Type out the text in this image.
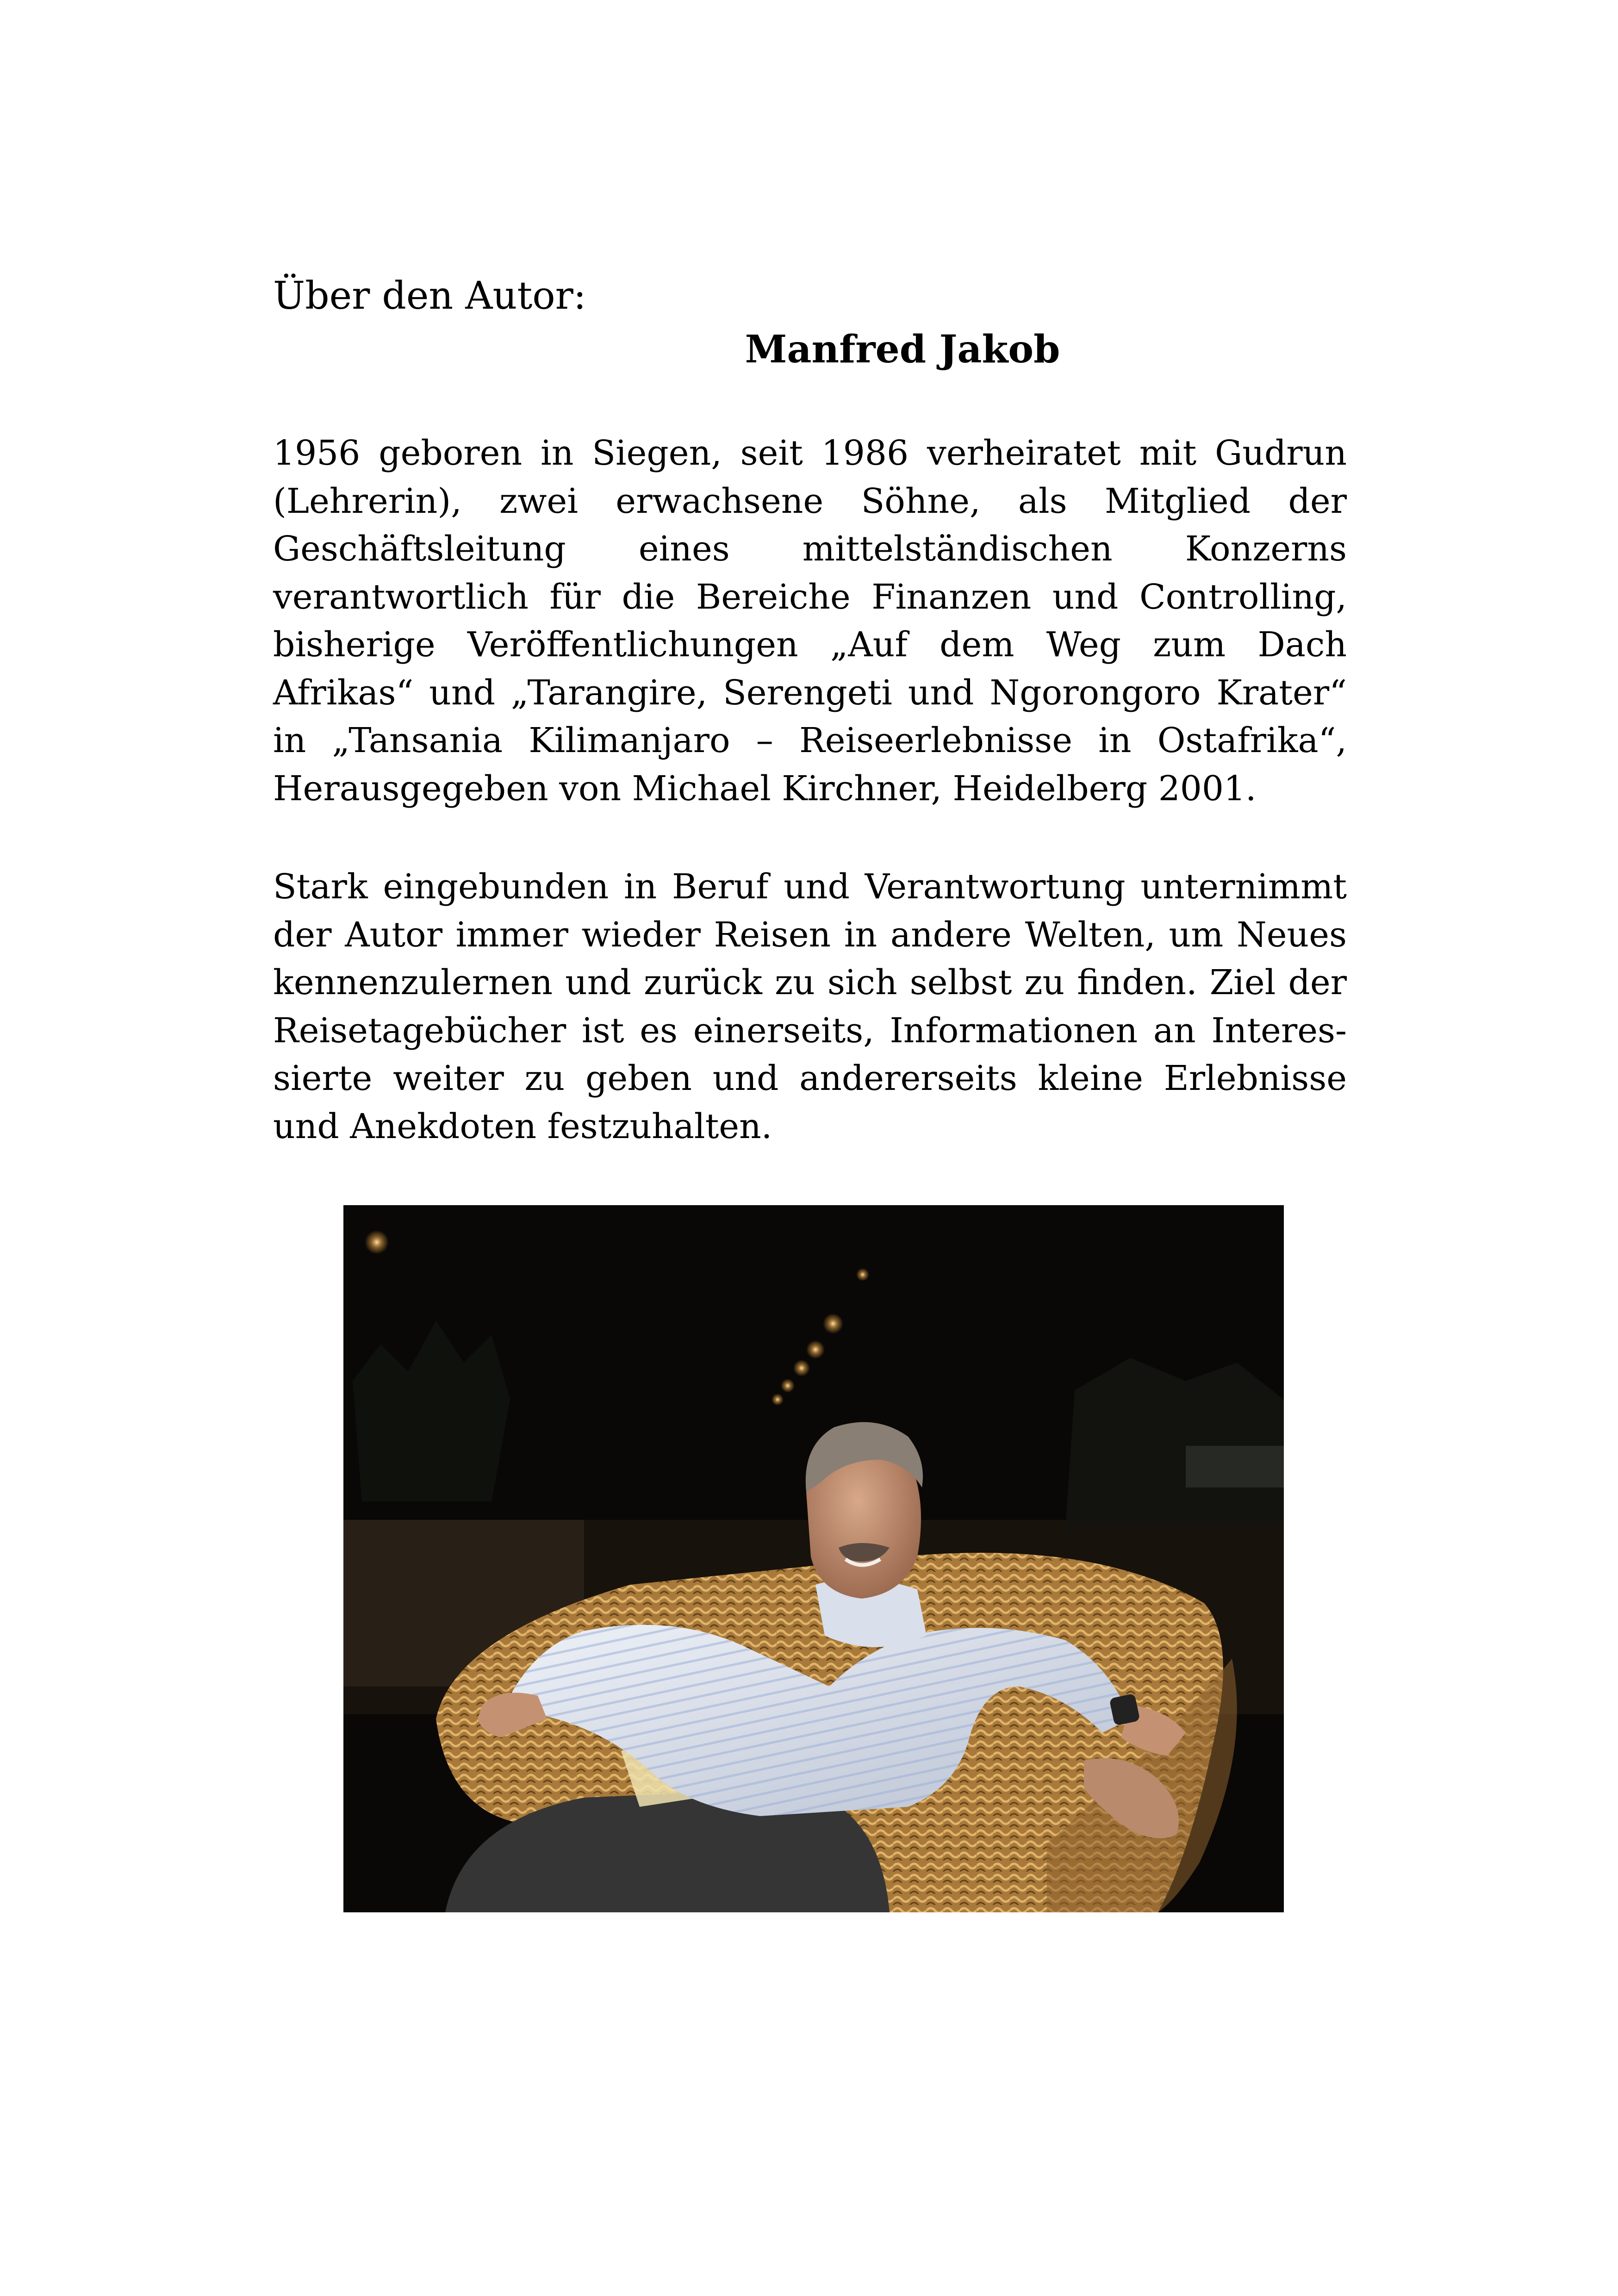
Über den Autor:
Manfred Jakob
1956 geboren in Siegen, seit 1986 verheiratet mit Gudrun (Lehrerin), zwei erwachsene Söhne, als Mitglied der Geschäftsleitung eines mittelständischen Konzerns verantwortlich für die Bereiche Finanzen und Controlling, bisherige Veröffentlichungen „Auf dem Weg zum Dach Afrikas“ und „Tarangire, Serengeti und Ngorongoro Krater“ in „Tansania Kilimanjaro – Reiseerlebnisse in Ostafrika“, Herausgegeben von Michael Kirchner, Heidelberg 2001.
Stark eingebunden in Beruf und Verantwortung unternimmt der Autor immer wieder Reisen in andere Welten, um Neues kennenzulernen und zurück zu sich selbst zu finden. Ziel der Reisetagebücher ist es einerseits, Informationen an Interessierte weiter zu geben und andererseits kleine Erlebnisse und Anekdoten festzuhalten.
